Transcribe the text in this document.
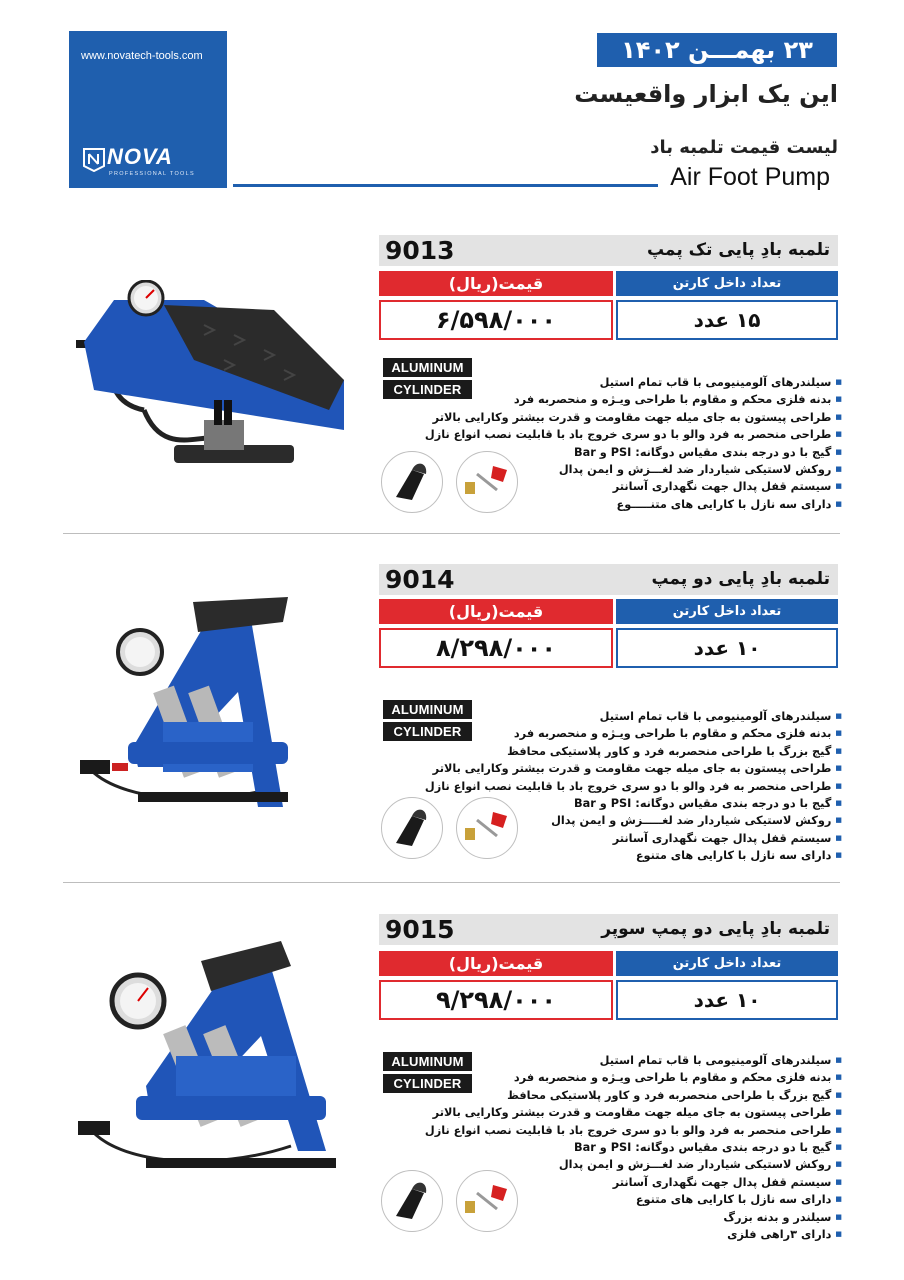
www.novatech-tools.com
NOVA
PROFESSIONAL TOOLS
۲۳ بهمـــن ۱۴۰۲
این یک ابزار واقعیست
لیست قیمت تلمبه باد
Air Foot Pump
9013	تلمبه بادِ پایی تک پمپ
قیمت(ریال)	تعداد داخل کارتن
۶/۵۹۸/۰۰۰	۱۵ عدد
ALUMINUM
CYLINDER
■	سیلندرهای آلومینیومی با قاب تمام استیل
■ بدنه فلزی محکم و مقاوم با طراحی ویـژه و منحصربه فرد
■ طراحی پیستون به جای میله جهت مقاومت و قدرت بیشتر وکارایی بالاتر
■ طراحی منحصر به فرد والو با دو سری خروج باد با قابلیت نصب انواع نازل
■ گیج با دو درجه بندی مقیاس دوگانه: PSI و Bar
■ روکش لاستیکی شیاردار ضد لغـــزش و ایمن پدال
■ سیستم قفل پدال جهت نگهداری آسانتر
■ دارای سه نازل با کارایی های متنـــــوع
9014	تلمبه بادِ پایی دو پمپ
قیمت(ریال)	تعداد داخل کارتن
۸/۲۹۸/۰۰۰	۱۰ عدد
ALUMINUM
CYLINDER
■ سیلندرهای آلومینیومی با قاب تمام استیل
■ بدنه فلزی محکم و مقاوم با طراحی ویـژه و منحصربه فرد
■ گیج بزرگ با طراحی منحصربه فرد و کاور پلاستیکی محافظ
■ طراحی پیستون به جای میله جهت مقاومت و قدرت بیشتر وکارایی بالاتر
■ طراحی منحصر به فرد والو با دو سری خروج باد با قابلیت نصب انواع نازل
■ گیج با دو درجه بندی مقیاس دوگانه: PSI و Bar
■ روکش لاستیکی شیاردار ضد لغـــــزش و ایمن پدال
■ سیستم قفل پدال جهت نگهداری آسانتر
■ دارای سه نازل با کارایی های متنوع
9015	تلمبه بادِ پایی دو پمپ سوپر
قیمت(ریال)	تعداد داخل کارتن
۹/۲۹۸/۰۰۰	۱۰ عدد
ALUMINUM
CYLINDER
■ سیلندرهای آلومینیومی با قاب تمام استیل
■ بدنه فلزی محکم و مقاوم با طراحی ویـژه و منحصربه فرد
■ گیج بزرگ با طراحی منحصربه فرد و کاور پلاستیکی محافظ
■ طراحی پیستون به جای میله جهت مقاومت و قدرت بیشتر وکارایی بالاتر
■ طراحی منحصر به فرد والو با دو سری خروج باد با قابلیت نصب انواع نازل
■ گیج با دو درجه بندی مقیاس دوگانه: PSI و Bar
■ روکش لاستیکی شیاردار ضد لغـــزش و ایمن پدال
■ سیستم قفل پدال جهت نگهداری آسانتر
■ دارای سه نازل با کارایی های متنوع
■ سیلندر و بدنه بزرگ
■ دارای ۳راهی فلزی
